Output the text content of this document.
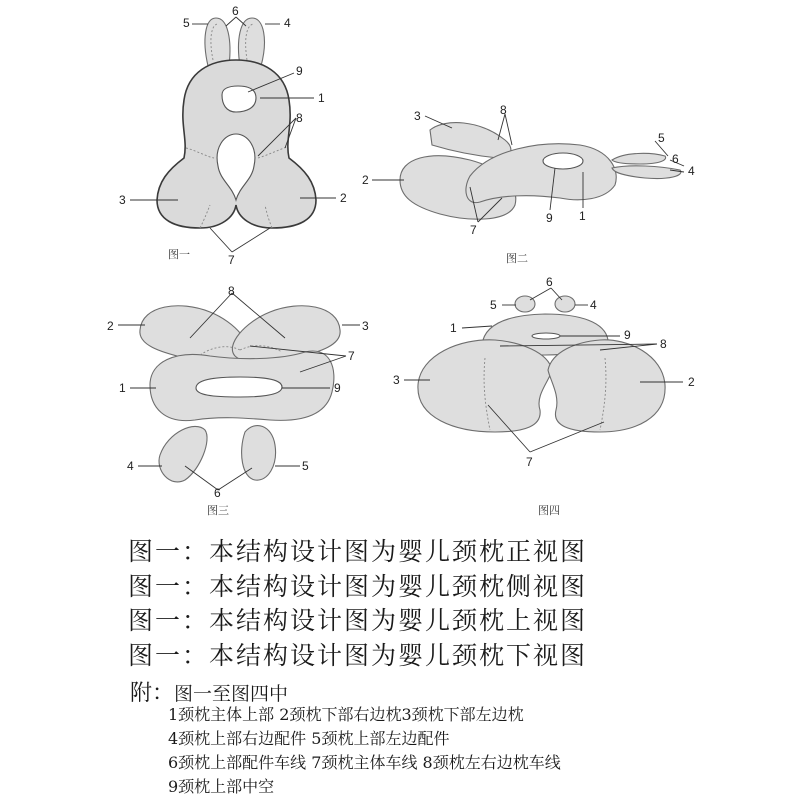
5
6
4
9
1
8
3	2
7
图一
3	8
2
7
9 1
5
6
4
图二
8
2	3
7
1	9
4	5
6
图三
6
5	4
1	9
8
3	2
7
图四
图一：本结构设计图为婴儿颈枕正视图
图一：本结构设计图为婴儿颈枕侧视图
图一：本结构设计图为婴儿颈枕上视图
图一：本结构设计图为婴儿颈枕下视图
附：图一至图四中
1颈枕主体上部 2颈枕下部右边枕3颈枕下部左边枕
4颈枕上部右边配件 5颈枕上部左边配件
6颈枕上部配件车线 7颈枕主体车线 8颈枕左右边枕车线
9颈枕上部中空
